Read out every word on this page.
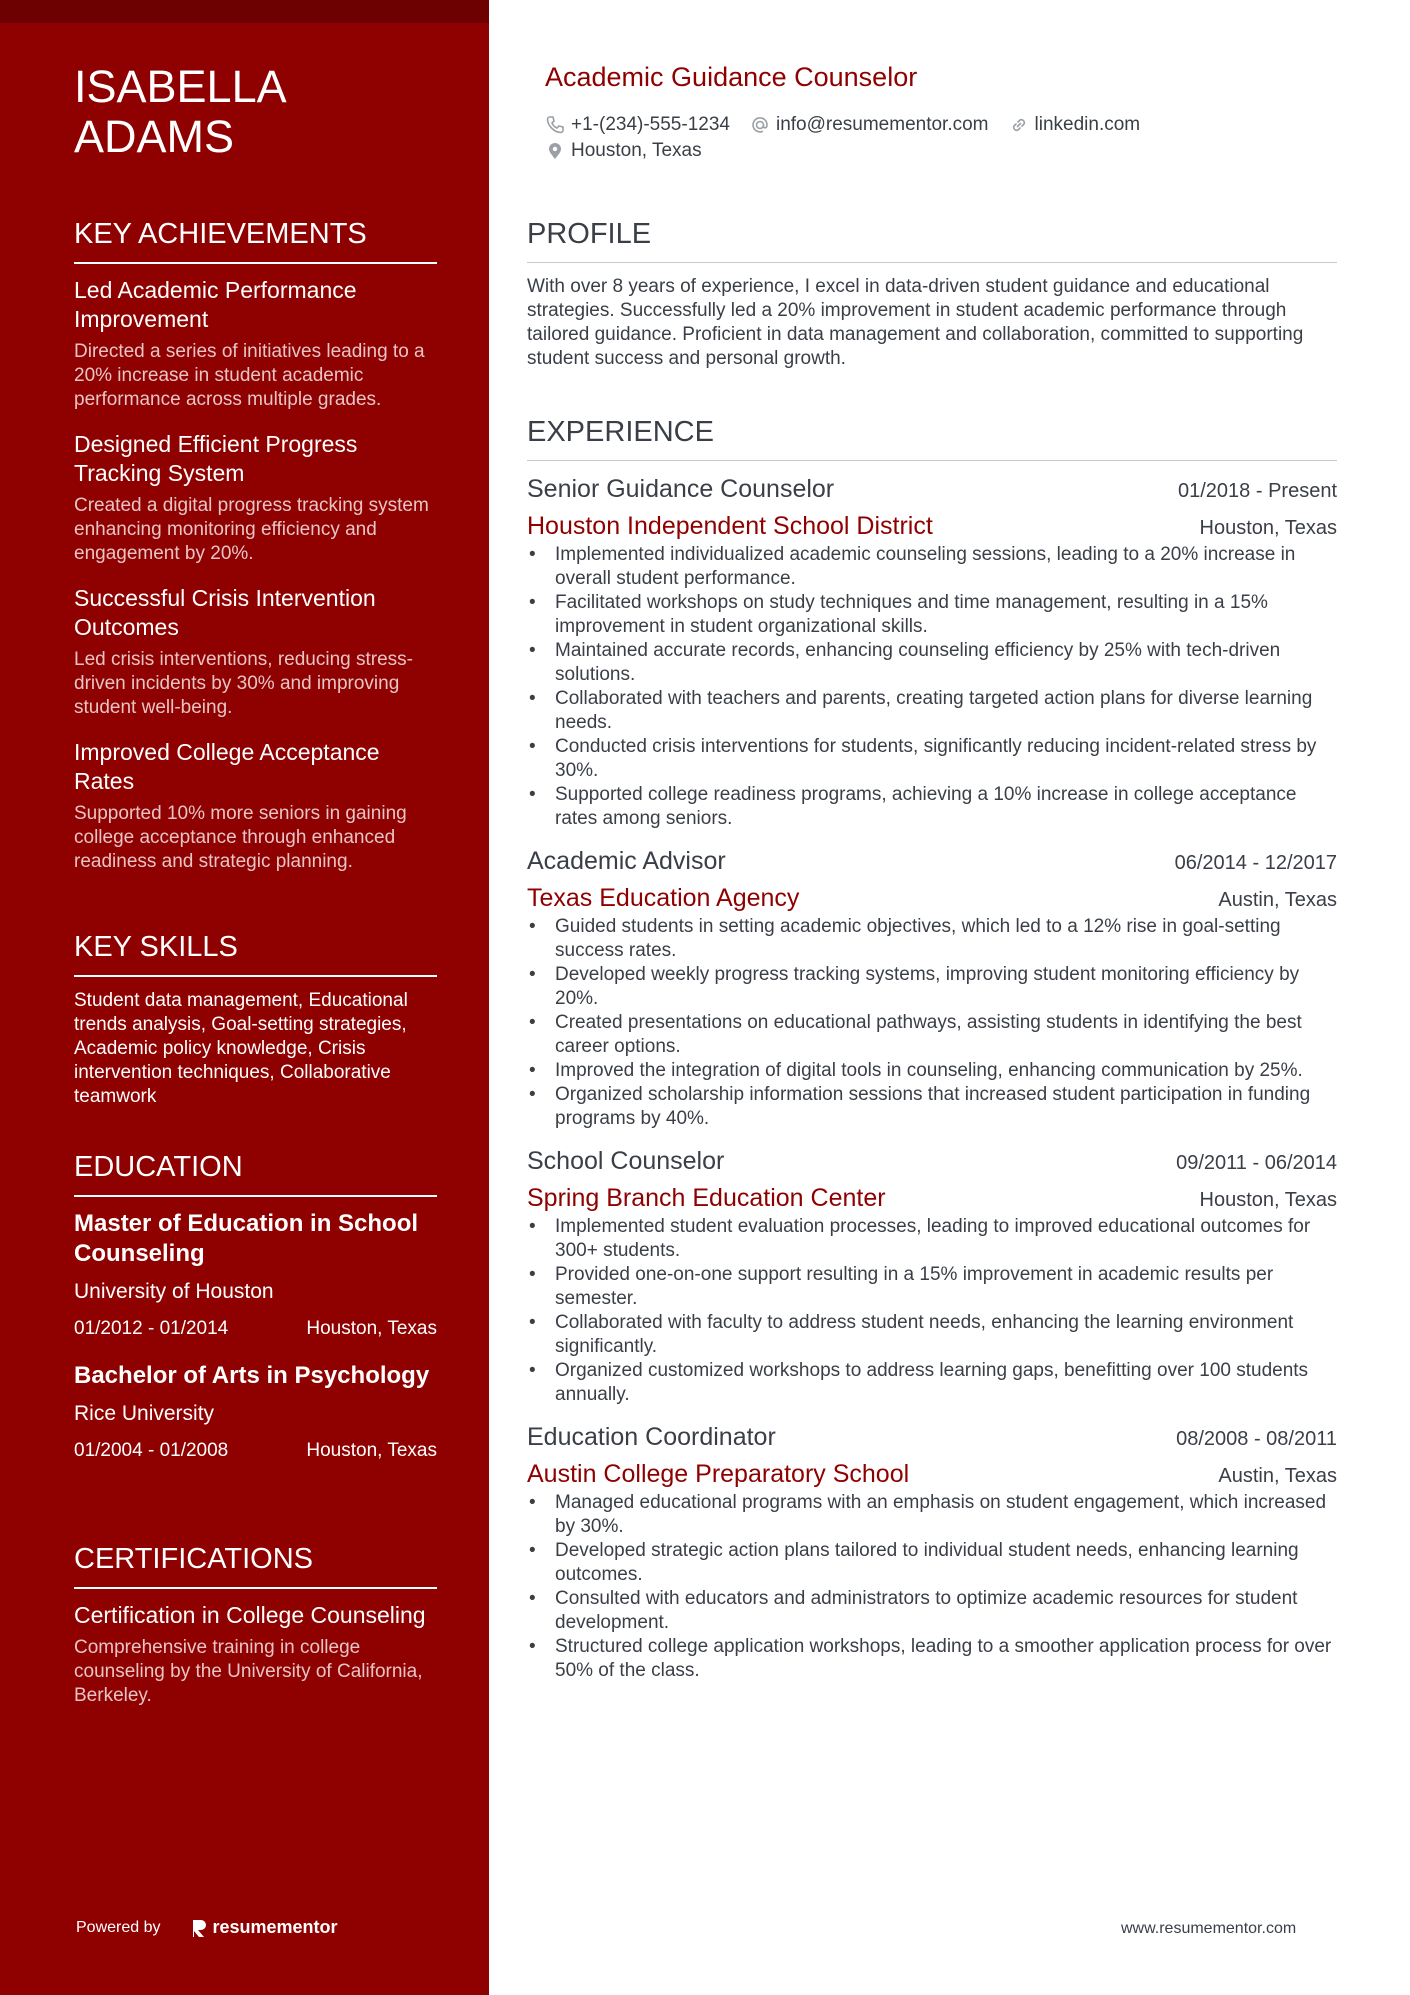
ISABELLA
ADAMS
KEY ACHIEVEMENTS
Led Academic Performance Improvement
Directed a series of initiatives leading to a 20% increase in student academic performance across multiple grades.
Designed Efficient Progress Tracking System
Created a digital progress tracking system enhancing monitoring efficiency and engagement by 20%.
Successful Crisis Intervention Outcomes
Led crisis interventions, reducing stress-driven incidents by 30% and improving student well-being.
Improved College Acceptance Rates
Supported 10% more seniors in gaining college acceptance through enhanced readiness and strategic planning.
KEY SKILLS
Student data management, Educational trends analysis, Goal-setting strategies, Academic policy knowledge, Crisis intervention techniques, Collaborative teamwork
EDUCATION
Master of Education in School Counseling
University of Houston
01/2012 - 01/2014	Houston, Texas
Bachelor of Arts in Psychology
Rice University
01/2004 - 01/2008	Houston, Texas
CERTIFICATIONS
Certification in College Counseling
Comprehensive training in college counseling by the University of California, Berkeley.
Powered by	resumementor
Academic Guidance Counselor
+1-(234)-555-1234 info@resumementor.com linkedin.com
Houston, Texas
PROFILE
With over 8 years of experience, I excel in data-driven student guidance and educational strategies. Successfully led a 20% improvement in student academic performance through tailored guidance. Proficient in data management and collaboration, committed to supporting student success and personal growth.
EXPERIENCE
Senior Guidance Counselor	01/2018 - Present
Houston Independent School District	Houston, Texas
• Implemented individualized academic counseling sessions, leading to a 20% increase in overall student performance.
• Facilitated workshops on study techniques and time management, resulting in a 15% improvement in student organizational skills.
• Maintained accurate records, enhancing counseling efficiency by 25% with tech-driven solutions.
• Collaborated with teachers and parents, creating targeted action plans for diverse learning needs.
• Conducted crisis interventions for students, significantly reducing incident-related stress by 30%.
• Supported college readiness programs, achieving a 10% increase in college acceptance rates among seniors.
Academic Advisor	06/2014 - 12/2017
Texas Education Agency	Austin, Texas
• Guided students in setting academic objectives, which led to a 12% rise in goal-setting success rates.
• Developed weekly progress tracking systems, improving student monitoring efficiency by 20%.
• Created presentations on educational pathways, assisting students in identifying the best career options.
• Improved the integration of digital tools in counseling, enhancing communication by 25%.
• Organized scholarship information sessions that increased student participation in funding programs by 40%.
School Counselor	09/2011 - 06/2014
Spring Branch Education Center	Houston, Texas
• Implemented student evaluation processes, leading to improved educational outcomes for 300+ students.
• Provided one-on-one support resulting in a 15% improvement in academic results per semester.
• Collaborated with faculty to address student needs, enhancing the learning environment significantly.
• Organized customized workshops to address learning gaps, benefitting over 100 students annually.
Education Coordinator	08/2008 - 08/2011
Austin College Preparatory School	Austin, Texas
• Managed educational programs with an emphasis on student engagement, which increased by 30%.
• Developed strategic action plans tailored to individual student needs, enhancing learning outcomes.
• Consulted with educators and administrators to optimize academic resources for student development.
• Structured college application workshops, leading to a smoother application process for over 50% of the class.
www.resumementor.com
